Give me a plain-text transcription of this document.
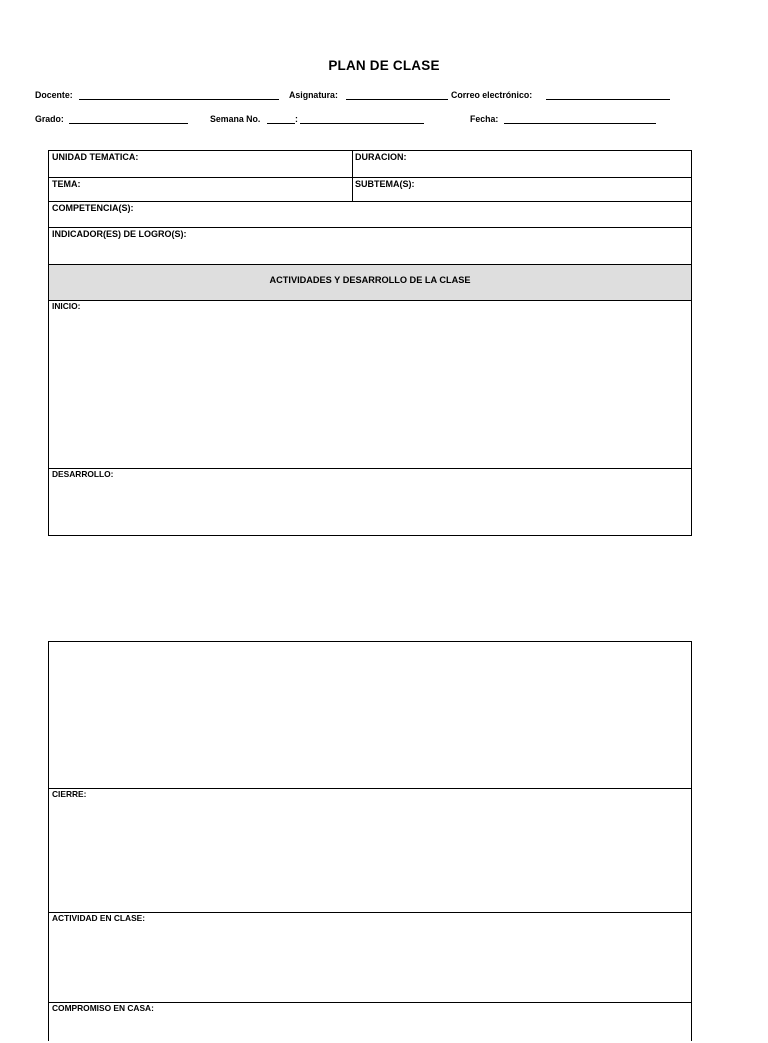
PLAN DE CLASE
Docente:	Asignatura:	Correo electrónico:
Grado:	Semana No.	:	Fecha:
UNIDAD TEMATICA:	DURACION:
TEMA:	SUBTEMA(S):
COMPETENCIA(S):
INDICADOR(ES) DE LOGRO(S):
ACTIVIDADES Y DESARROLLO DE LA CLASE
INICIO:
DESARROLLO:
CIERRE:
ACTIVIDAD EN CLASE:
COMPROMISO EN CASA:
